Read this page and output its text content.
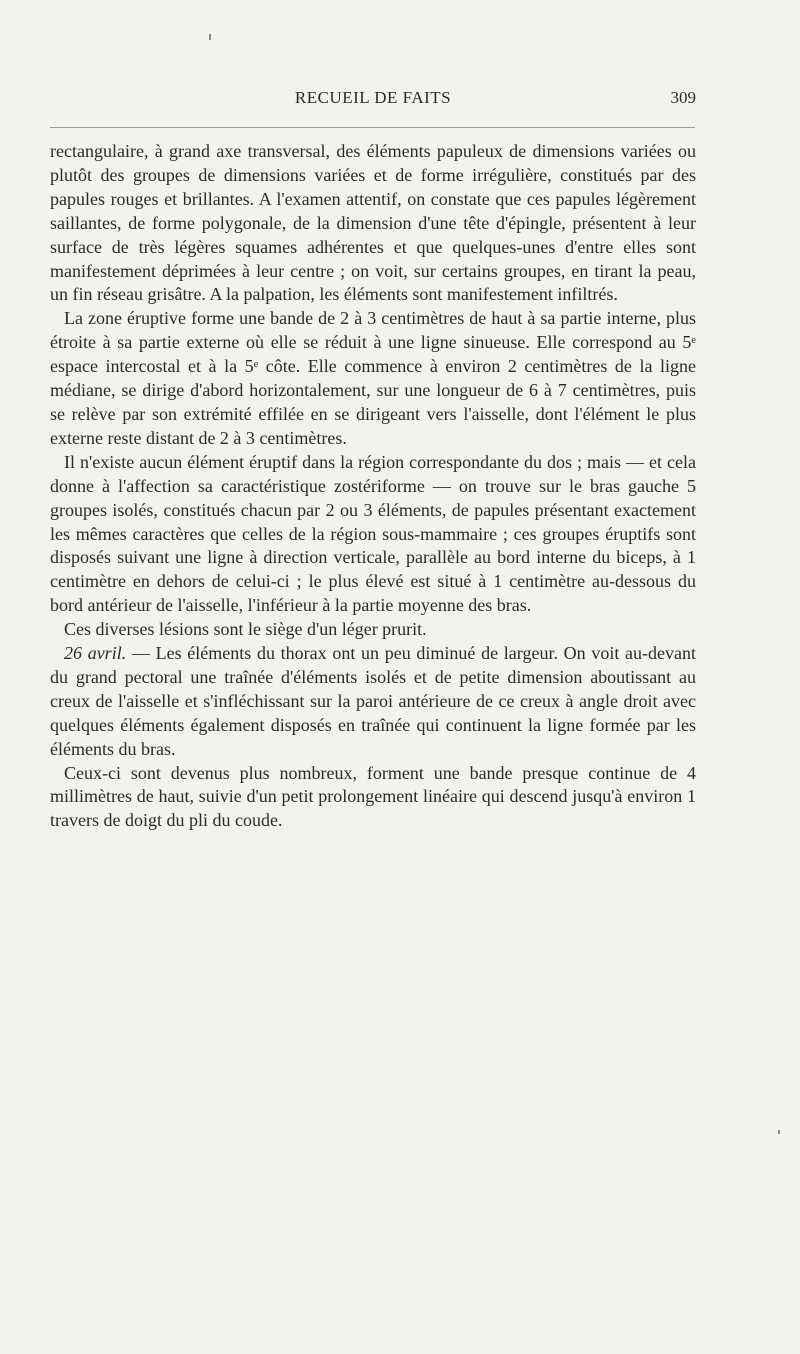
RECUEIL DE FAITS	309

rectangulaire, à grand axe transversal, des éléments papuleux de dimensions variées ou plutôt des groupes de dimensions variées et de forme irrégulière, constitués par des papules rouges et brillantes. A l'examen attentif, on constate que ces papules légèrement saillantes, de forme polygonale, de la dimension d'une tête d'épingle, présentent à leur surface de très légères squames adhérentes et que quelques-unes d'entre elles sont manifestement déprimées à leur centre ; on voit, sur certains groupes, en tirant la peau, un fin réseau grisâtre. A la palpation, les éléments sont manifestement infiltrés.

La zone éruptive forme une bande de 2 à 3 centimètres de haut à sa partie interne, plus étroite à sa partie externe où elle se réduit à une ligne sinueuse. Elle correspond au 5ᵉ espace intercostal et à la 5ᵉ côte. Elle commence à environ 2 centimètres de la ligne médiane, se dirige d'abord horizontalement, sur une longueur de 6 à 7 centimètres, puis se relève par son extrémité effilée en se dirigeant vers l'aisselle, dont l'élément le plus externe reste distant de 2 à 3 centimètres.

Il n'existe aucun élément éruptif dans la région correspondante du dos ; mais — et cela donne à l'affection sa caractéristique zostériforme — on trouve sur le bras gauche 5 groupes isolés, constitués chacun par 2 ou 3 éléments, de papules présentant exactement les mêmes caractères que celles de la région sous-mammaire ; ces groupes éruptifs sont disposés suivant une ligne à direction verticale, parallèle au bord interne du biceps, à 1 centimètre en dehors de celui-ci ; le plus élevé est situé à 1 centimètre au-dessous du bord antérieur de l'aisselle, l'inférieur à la partie moyenne des bras.

Ces diverses lésions sont le siège d'un léger prurit.

26 avril. — Les éléments du thorax ont un peu diminué de largeur. On voit au-devant du grand pectoral une traînée d'éléments isolés et de petite dimension aboutissant au creux de l'aisselle et s'infléchissant sur la paroi antérieure de ce creux à angle droit avec quelques éléments également disposés en traînée qui continuent la ligne formée par les éléments du bras.

Ceux-ci sont devenus plus nombreux, forment une bande presque continue de 4 millimètres de haut, suivie d'un petit prolongement linéaire qui descend jusqu'à environ 1 travers de doigt du pli du coude.
